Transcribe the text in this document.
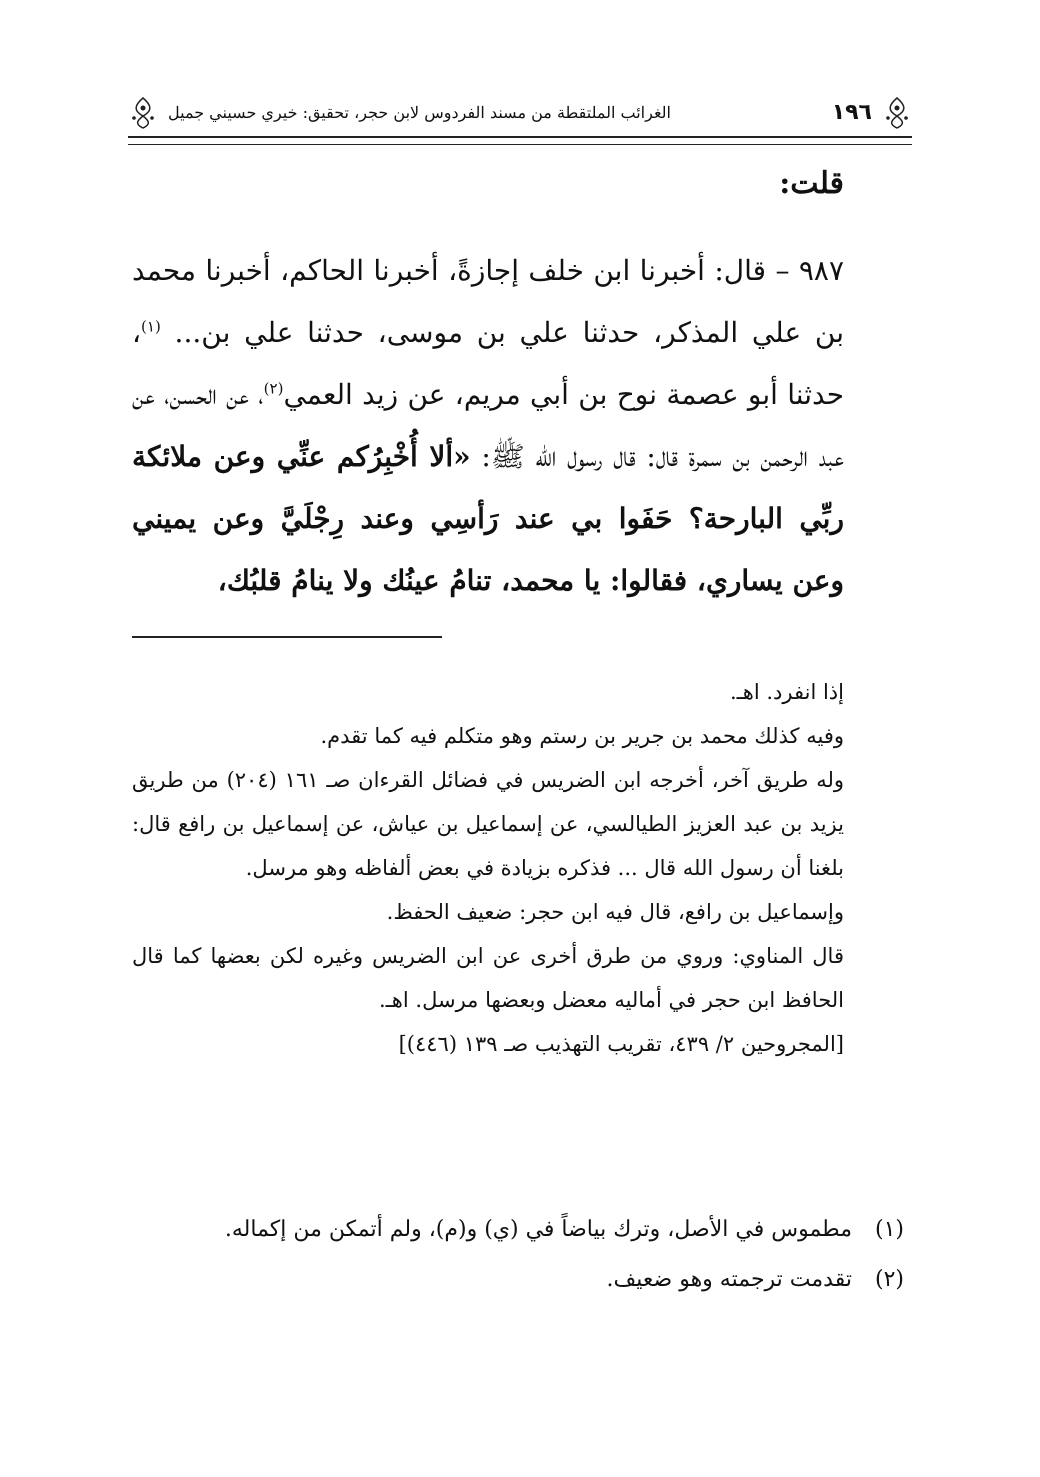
١٩٦
الغرائب الملتقطة من مسند الفردوس لابن حجر، تحقيق: خيري حسيني جميل
قلت:
٩٨٧ – قال: أخبرنا ابن خلف إجازةً، أخبرنا الحاكم، أخبرنا محمد بن علي المذكر، حدثنا علي بن موسى، حدثنا علي بن... $^{(١)}$، حدثنا أبو عصمة نوح بن أبي مريم، عن زيد العمي$^{(٢)}$، عن الحسن، عن عبد الرحمن بن سمرة قال: قال رسول الله ﷺ: «ألا أُخْبِرُكم عنِّي وعن ملائكة ربِّي البارحة؟ حَفَوا بي عند رَأسِي وعند رِجْلَيَّ وعن يميني وعن يساري، فقالوا: يا محمد، تنامُ عينُك ولا ينامُ قلبُك،

إذا انفرد. اهـ.

وفيه كذلك محمد بن جرير بن رستم وهو متكلم فيه كما تقدم.

وله طريق آخر، أخرجه ابن الضريس في فضائل القرءان صـ ١٦١ (٢٠٤) من طريق يزيد بن عبد العزيز الطيالسي، عن إسماعيل بن عياش، عن إسماعيل بن رافع قال: بلغنا أن رسول الله قال ... فذكره بزيادة في بعض ألفاظه وهو مرسل.

وإسماعيل بن رافع، قال فيه ابن حجر: ضعيف الحفظ.

قال المناوي: وروي من طرق أخرى عن ابن الضريس وغيره لكن بعضها كما قال الحافظ ابن حجر في أماليه معضل وبعضها مرسل. اهـ.

[المجروحين ٢/ ٤٣٩، تقريب التهذيب صـ ١٣٩ (٤٤٦)]

(١)
مطموس في الأصل، وترك بياضاً في (ي) و(م)، ولم أتمكن من إكماله.
(٢)
تقدمت ترجمته وهو ضعيف.
